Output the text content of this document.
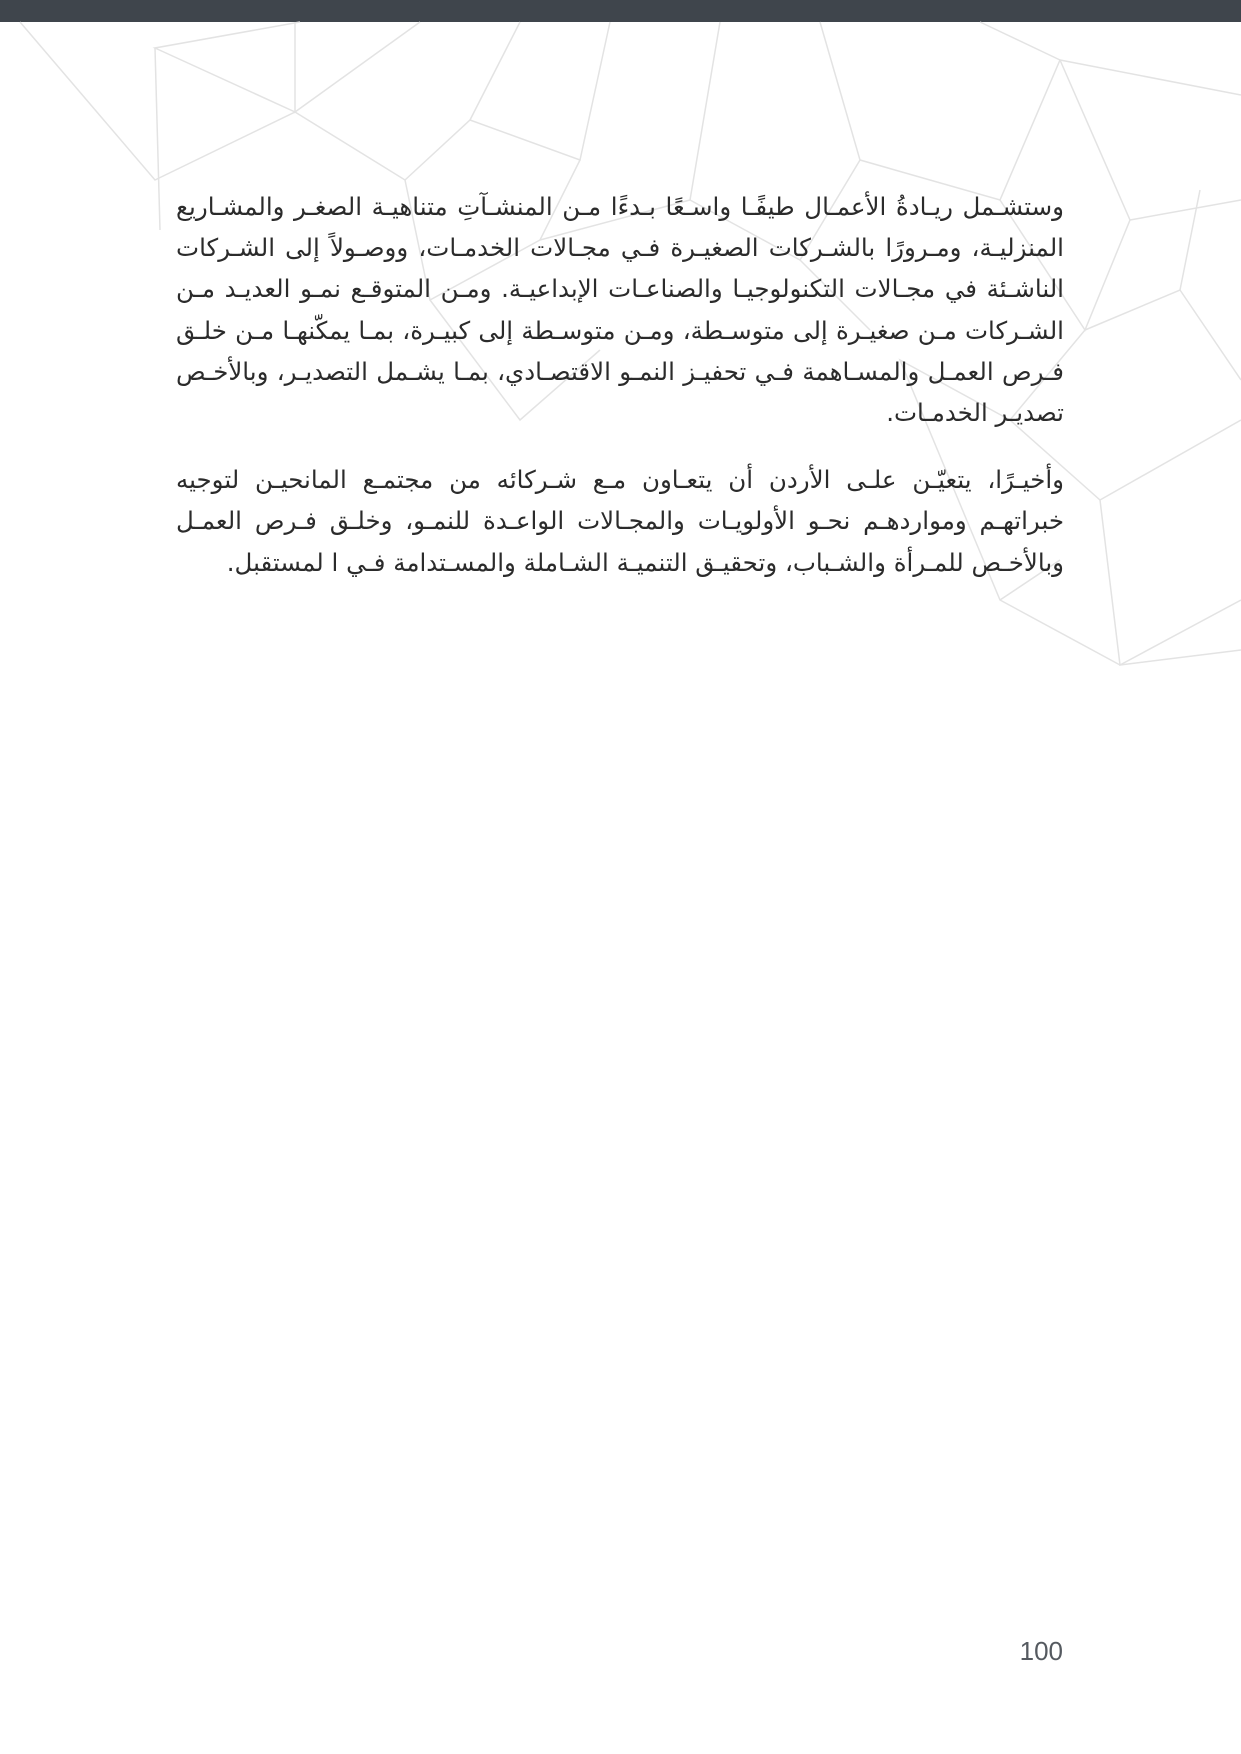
وستشـمل ريـادةُ الأعمـال طيفًـا واسـعًا بـدءًا مـن المنشـآتِ متناهيـة الصغـر والمشـاريع المنزليـة، ومـرورًا بالشـركات الصغيـرة فـي مجـالات الخدمـات، ووصـولاً إلى الشـركات الناشـئة في مجـالات التكنولوجيـا والصناعـات الإبداعيـة. ومـن المتوقـع نمـو العديـد مـن الشـركات مـن صغيـرة إلى متوسـطة، ومـن متوسـطة إلى كبيـرة، بمـا يمكّنهـا مـن خلـق فـرص العمـل والمسـاهمة فـي تحفيـز النمـو الاقتصـادي، بمـا يشـمل التصديـر، وبالأخـص تصديـر الخدمـات.

وأخيـرًا، يتعيّـن علـى الأردن أن يتعـاون مـع شـركائه من مجتمـع المانحيـن لتوجيه خبراتهـم ومواردهـم نحـو الأولويـات والمجـالات الواعـدة للنمـو، وخلـق فـرص العمـل وبالأخـص للمـرأة والشـباب، وتحقيـق التنميـة الشـاملة والمسـتدامة فـي ا لمستقبل.

100
